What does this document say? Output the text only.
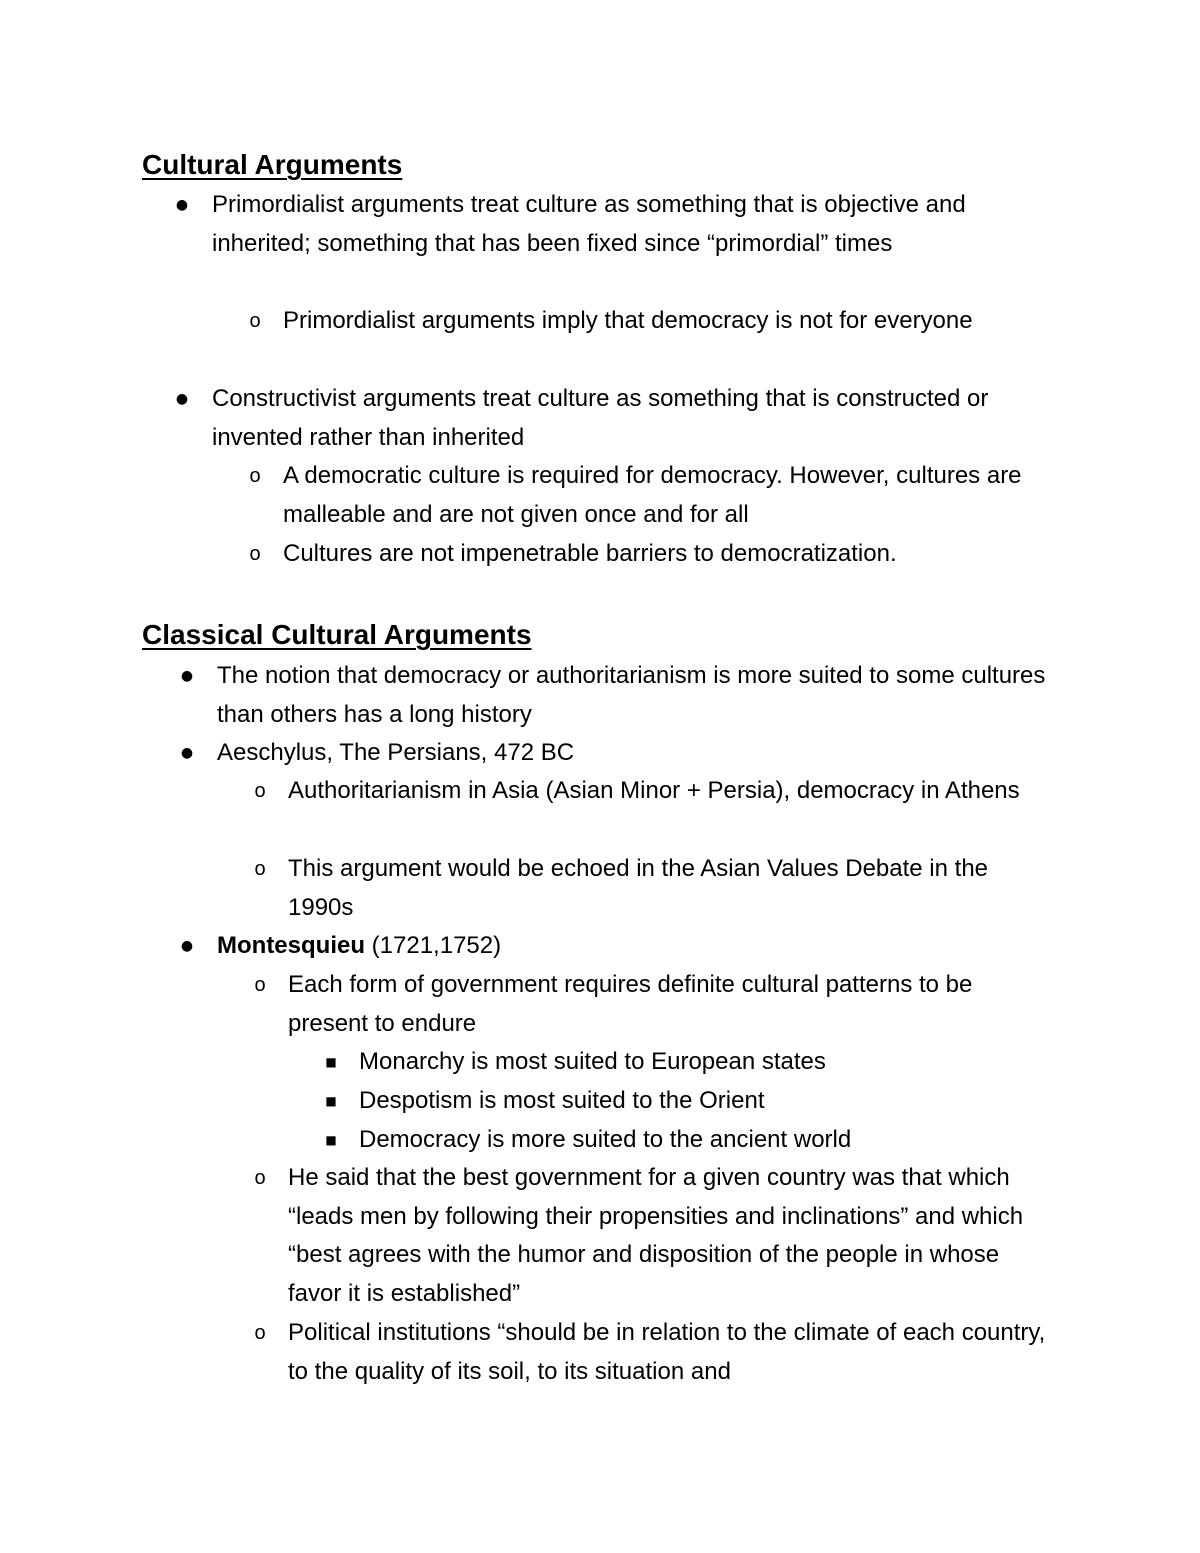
Cultural Arguments
● Primordialist arguments treat culture as something that is objective and inherited; something that has been fixed since “primordial” times
o Primordialist arguments imply that democracy is not for everyone
● Constructivist arguments treat culture as something that is constructed or invented rather than inherited
o A democratic culture is required for democracy. However, cultures are malleable and are not given once and for all
o Cultures are not impenetrable barriers to democratization.
Classical Cultural Arguments
● The notion that democracy or authoritarianism is more suited to some cultures than others has a long history
● Aeschylus, The Persians, 472 BC
o Authoritarianism in Asia (Asian Minor + Persia), democracy in Athens
o This argument would be echoed in the Asian Values Debate in the 1990s
● Montesquieu (1721,1752)
o Each form of government requires definite cultural patterns to be present to endure
■ Monarchy is most suited to European states
■ Despotism is most suited to the Orient
■ Democracy is more suited to the ancient world
o He said that the best government for a given country was that which “leads men by following their propensities and inclinations” and which “best agrees with the humor and disposition of the people in whose favor it is established”
o Political institutions “should be in relation to the climate of each country, to the quality of its soil, to its situation and
